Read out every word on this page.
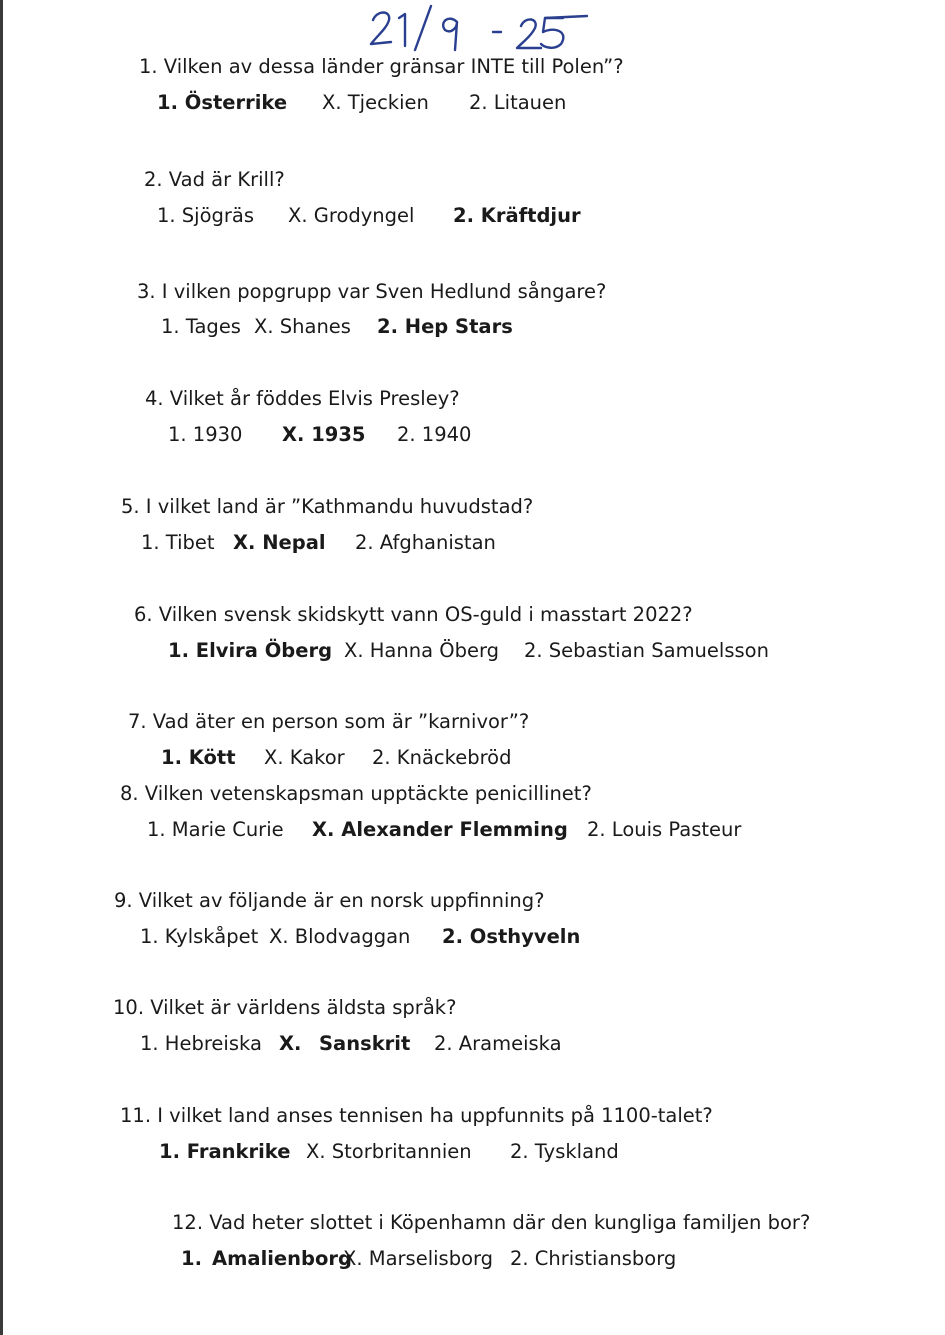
1. Vilken av dessa länder gränsar INTE till Polen”?
1. Österrike X. Tjeckien 2. Litauen
2. Vad är Krill?
1. Sjögräs X. Grodyngel 2. Kräftdjur
3. I vilken popgrupp var Sven Hedlund sångare?
1. Tages X. Shanes 2. Hep Stars
4. Vilket år föddes Elvis Presley?
1. 1930 X. 1935 2. 1940
5. I vilket land är ”Kathmandu huvudstad?
1. Tibet X. Nepal 2. Afghanistan
6. Vilken svensk skidskytt vann OS-guld i masstart 2022?
1. Elvira Öberg X. Hanna Öberg 2. Sebastian Samuelsson
7. Vad äter en person som är ”karnivor”?
1. Kött X. Kakor 2. Knäckebröd
8. Vilken vetenskapsman upptäckte penicillinet?
1. Marie Curie X. Alexander Flemming 2. Louis Pasteur
9. Vilket av följande är en norsk uppfinning?
1. Kylskåpet X. Blodvaggan 2. Osthyveln
10. Vilket är världens äldsta språk?
1. Hebreiska X. Sanskrit 2. Arameiska
11. I vilket land anses tennisen ha uppfunnits på 1100-talet?
1. Frankrike X. Storbritannien 2. Tyskland
12. Vad heter slottet i Köpenhamn där den kungliga familjen bor?
1. Amalienborg
X. Marselisborg 2. Christiansborg
